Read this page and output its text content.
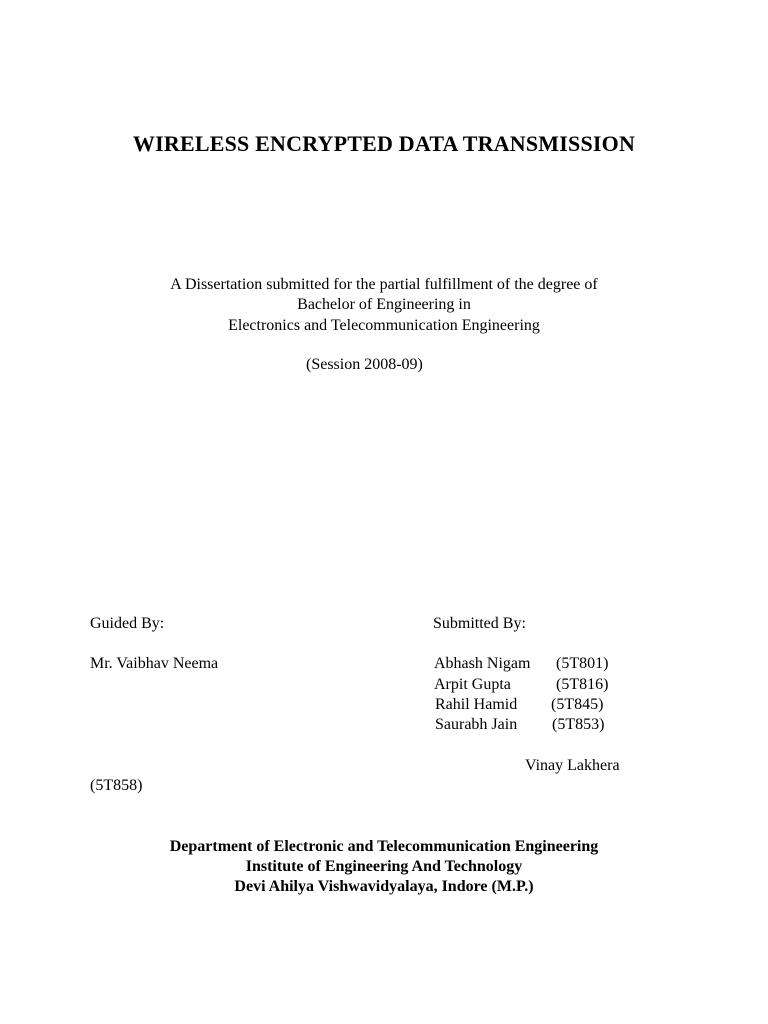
WIRELESS ENCRYPTED DATA TRANSMISSION
A Dissertation submitted for the partial fulfillment of the degree of
Bachelor of Engineering in
Electronics and Telecommunication Engineering
(Session 2008-09)
Guided By:
Mr. Vaibhav Neema
Submitted By:
Abhash Nigam (5T801)
Arpit Gupta	(5T816)
Rahil Hamid (5T845)
Saurabh Jain (5T853)
Vinay Lakhera
(5T858)
Department of Electronic and Telecommunication Engineering
Institute of Engineering And Technology
Devi Ahilya Vishwavidyalaya, Indore (M.P.)
